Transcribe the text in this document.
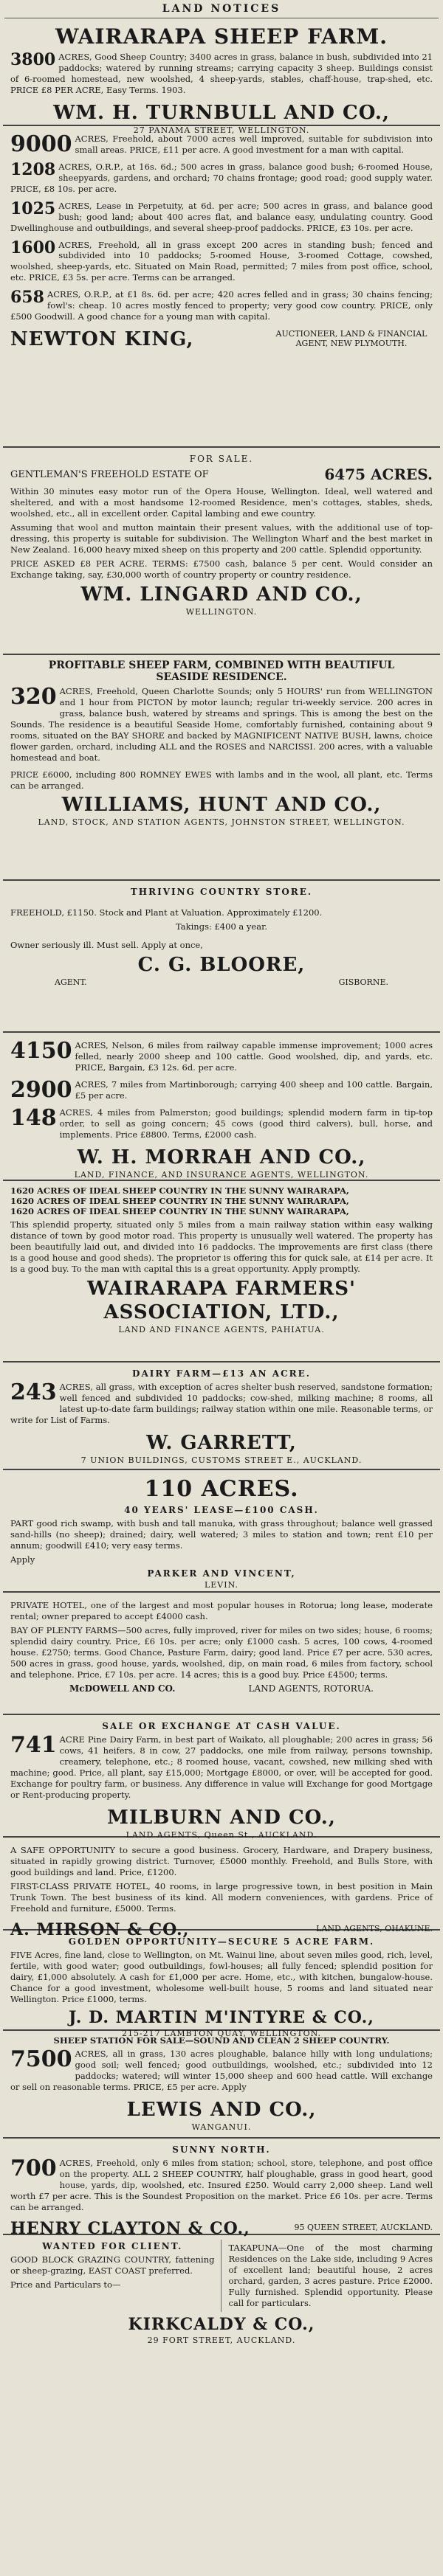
LAND NOTICES
WAIRARAPA SHEEP FARM.
3800 ACRES, Good Sheep Country; 3400 acres in grass, balance in bush, subdivided into 21 paddocks; watered by running streams; carrying capacity 3 sheep. Buildings consist of 6-roomed homestead, new woolshed, 4 sheep-yards, stables, chaff-house, trap-shed, etc. PRICE £8 PER ACRE, Easy Terms. 1903.
WM. H. TURNBULL AND CO.,
27 PANAMA STREET, WELLINGTON.
9000 ACRES, Freehold, about 7000 acres well improved, suitable for subdivision into small areas. PRICE, £11 per acre. A good investment for a man with capital.
1208 ACRES, O.R.P., at 16s. 6d.; 500 acres in grass, balance good bush; 6-roomed House, sheepyards, gardens, and orchard; 70 chains frontage; good road; good supply water. PRICE, £8 10s. per acre.
1025 ACRES, Lease in Perpetuity, at 6d. per acre; 500 acres in grass, and balance good bush; good land; about 400 acres flat, and balance easy, undulating country. Good Dwellinghouse and outbuildings, and several sheep-proof paddocks. PRICE, £3 10s. per acre.
1600 ACRES, Freehold, all in grass except 200 acres in standing bush; fenced and subdivided into 10 paddocks; 5-roomed House, 3-roomed Cottage, cowshed, woolshed, sheep-yards, etc. Situated on Main Road, permitted; 7 miles from post office, school, etc. PRICE, £3 5s. per acre. Terms can be arranged.
658 ACRES, O.R.P., at £1 8s. 6d. per acre; 420 acres felled and in grass; 30 chains fencing; fowl's: cheap. 10 acres mostly fenced to property; very good cow country. PRICE, only £500 Goodwill. A good chance for a young man with capital.
NEWTON KING,	AUCTIONEER, LAND & FINANCIAL AGENT, NEW PLYMOUTH.
FOR SALE.
GENTLEMAN'S FREEHOLD ESTATE OF	6475 ACRES.
Within 30 minutes easy motor run of the Opera House, Wellington. Ideal, well watered and sheltered, and with a most handsome 12-roomed Residence, men's cottages, stables, sheds, woolshed, etc., all in excellent order. Capital lambing and ewe country.
Assuming that wool and mutton maintain their present values, with the additional use of top-dressing, this property is suitable for subdivision. The Wellington Wharf and the best market in New Zealand. 16,000 heavy mixed sheep on this property and 200 cattle. Splendid opportunity.
PRICE ASKED £8 PER ACRE. TERMS: £7500 cash, balance 5 per cent. Would consider an Exchange taking, say, £30,000 worth of country property or country residence.
WM. LINGARD AND CO.,
WELLINGTON.
PROFITABLE SHEEP FARM, COMBINED WITH BEAUTIFUL
SEASIDE RESIDENCE.
320 ACRES, Freehold, Queen Charlotte Sounds; only 5 HOURS' run from WELLINGTON and 1 hour from PICTON by motor launch; regular tri-weekly service. 200 acres in grass, balance bush, watered by streams and springs. This is among the best on the Sounds. The residence is a beautiful Seaside Home, comfortably furnished, containing about 9 rooms, situated on the BAY SHORE and backed by MAGNIFICENT NATIVE BUSH, lawns, choice flower garden, orchard, including ALL and the ROSES and NARCISSI. 200 acres, with a valuable homestead and boat.
PRICE £6000, including 800 ROMNEY EWES with lambs and in the wool, all plant, etc. Terms can be arranged.
WILLIAMS, HUNT AND CO.,
LAND, STOCK, AND STATION AGENTS, JOHNSTON STREET, WELLINGTON.
THRIVING COUNTRY STORE.
FREEHOLD, £1150. Stock and Plant at Valuation. Approximately £1200.
Takings: £400 a year.
Owner seriously ill. Must sell. Apply at once,
C. G. BLOORE,
AGENT.	GISBORNE.
4150 ACRES, Nelson, 6 miles from railway capable immense improvement; 1000 acres felled, nearly 2000 sheep and 100 cattle. Good woolshed, dip, and yards, etc. PRICE, Bargain, £3 12s. 6d. per acre.
2900 ACRES, 7 miles from Martinborough; carrying 400 sheep and 100 cattle. Bargain, £5 per acre.
148 ACRES, 4 miles from Palmerston; good buildings; splendid modern farm in tip-top order, to sell as going concern; 45 cows (good third calvers), bull, horse, and implements. Price £8800. Terms, £2000 cash.
W. H. MORRAH AND CO.,
LAND, FINANCE, AND INSURANCE AGENTS, WELLINGTON.
1620 ACRES OF IDEAL SHEEP COUNTRY IN THE SUNNY WAIRARAPA,
1620 ACRES OF IDEAL SHEEP COUNTRY IN THE SUNNY WAIRARAPA,
1620 ACRES OF IDEAL SHEEP COUNTRY IN THE SUNNY WAIRARAPA,
This splendid property, situated only 5 miles from a main railway station within easy walking distance of town by good motor road. This property is unusually well watered. The property has been beautifully laid out, and divided into 16 paddocks. The improvements are first class (there is a good house and good sheds). The proprietor is offering this for quick sale, at £14 per acre. It is a good buy. To the man with capital this is a great opportunity. Apply promptly.
WAIRARAPA FARMERS'
ASSOCIATION, LTD.,
LAND AND FINANCE AGENTS, PAHIATUA.
DAIRY FARM—£13 AN ACRE.
243 ACRES, all grass, with exception of acres shelter bush reserved, sandstone formation; well fenced and subdivided 10 paddocks; cow-shed, milking machine; 8 rooms, all latest up-to-date farm buildings; railway station within one mile. Reasonable terms, or write for List of Farms.
W. GARRETT,
7 UNION BUILDINGS, CUSTOMS STREET E., AUCKLAND.
110 ACRES.
40 YEARS' LEASE—£100 CASH.
PART good rich swamp, with bush and tall manuka, with grass throughout; balance well grassed sand-hills (no sheep); drained; dairy, well watered; 3 miles to station and town; rent £10 per annum; goodwill £410; very easy terms.
Apply
PARKER AND VINCENT,
LEVIN.
PRIVATE HOTEL, one of the largest and most popular houses in Rotorua; long lease, moderate rental; owner prepared to accept £4000 cash.
BAY OF PLENTY FARMS—500 acres, fully improved, river for miles on two sides; house, 6 rooms; splendid dairy country. Price, £6 10s. per acre; only £1000 cash. 5 acres, 100 cows, 4-roomed house. £2750; terms. Good Chance, Pasture Farm, dairy; good land. Price £7 per acre. 530 acres, 500 acres in grass, good house, yards, woolshed, dip, on main road, 6 miles from factory, school and telephone. Price, £7 10s. per acre. 14 acres; this is a good buy. Price £4500; terms.
McDOWELL AND CO.	LAND AGENTS, ROTORUA.
SALE OR EXCHANGE AT CASH VALUE.
741 ACRE Pine Dairy Farm, in best part of Waikato, all ploughable; 200 acres in grass; 56 cows, 41 heifers, 8 in cow, 27 paddocks, one mile from railway, persons township, creamery, telephone, etc.; 8 roomed house, vacant, cowshed, new milking shed with machine; good. Price, all plant, say £15,000; Mortgage £8000, or over, will be accepted for good. Exchange for poultry farm, or business. Any difference in value will Exchange for good Mortgage or Rent-producing property.
MILBURN AND CO.,
LAND AGENTS, Queen St., AUCKLAND.
A SAFE OPPORTUNITY to secure a good business. Grocery, Hardware, and Drapery business, situated in rapidly growing district. Turnover, £5000 monthly. Freehold, and Bulls Store, with good buildings and land. Price, £1200.
FIRST-CLASS PRIVATE HOTEL, 40 rooms, in large progressive town, in best position in Main Trunk Town. The best business of its kind. All modern conveniences, with gardens. Price of Freehold and furniture, £5000. Terms.
A. MIRSON & CO.,	LAND AGENTS, OHAKUNE.
GOLDEN OPPORTUNITY—SECURE 5 ACRE FARM.
FIVE Acres, fine land, close to Wellington, on Mt. Wainui line, about seven miles good, rich, level, fertile, with good water; good outbuildings, fowl-houses; all fully fenced; splendid position for dairy, £1,000 absolutely. A cash for £1,000 per acre. Home, etc., with kitchen, bungalow-house. Chance for a good investment, wholesome well-built house, 5 rooms and land situated near Wellington. Price £1000, terms.
J. D. MARTIN M'INTYRE & CO.,
215-217 LAMBTON QUAY, WELLINGTON.
SHEEP STATION FOR SALE—SOUND AND CLEAN 2 SHEEP COUNTRY.
7500 ACRES, all in grass, 130 acres ploughable, balance hilly with long undulations; good soil; well fenced; good outbuildings, woolshed, etc.; subdivided into 12 paddocks; watered; will winter 15,000 sheep and 600 head cattle. Will exchange or sell on reasonable terms. PRICE, £5 per acre. Apply
LEWIS AND CO.,
WANGANUI.
SUNNY NORTH.
700 ACRES, Freehold, only 6 miles from station; school, store, telephone, and post office on the property. ALL 2 SHEEP COUNTRY, half ploughable, grass in good heart, good house, yards, dip, woolshed, etc. Insured £250. Would carry 2,000 sheep. Land well worth £7 per acre. This is the Soundest Proposition on the market. Price £6 10s. per acre. Terms can be arranged.
HENRY CLAYTON & CO.,	95 QUEEN STREET, AUCKLAND.
WANTED FOR CLIENT.
GOOD BLOCK GRAZING COUNTRY, fattening or sheep-grazing, EAST COAST preferred.
Price and Particulars to—
TAKAPUNA—One of the most charming Residences on the Lake side, including 9 Acres of excellent land; beautiful house, 2 acres orchard, garden, 3 acres pasture. Price £2000. Fully furnished. Splendid opportunity. Please call for particulars.
KIRKCALDY & CO.,
29 FORT STREET, AUCKLAND.
